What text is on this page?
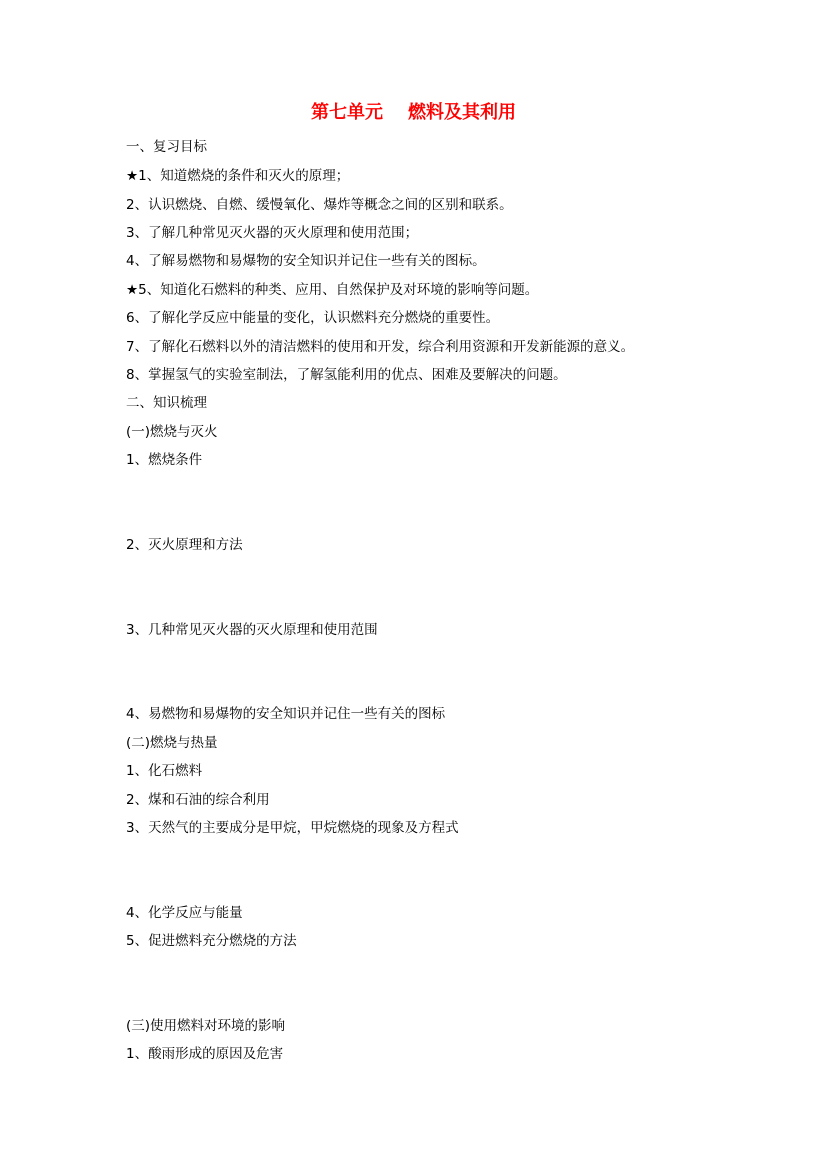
第七单元    燃料及其利用
一、复习目标
★1、知道燃烧的条件和灭火的原理；
2、认识燃烧、自燃、缓慢氧化、爆炸等概念之间的区别和联系。
3、了解几种常见灭火器的灭火原理和使用范围；
4、了解易燃物和易爆物的安全知识并记住一些有关的图标。
★5、知道化石燃料的种类、应用、自然保护及对环境的影响等问题。
6、了解化学反应中能量的变化，认识燃料充分燃烧的重要性。
7、了解化石燃料以外的清洁燃料的使用和开发，综合利用资源和开发新能源的意义。
8、掌握氢气的实验室制法，了解氢能利用的优点、困难及要解决的问题。
二、知识梳理
(一)燃烧与灭火
1、燃烧条件
2、灭火原理和方法
3、几种常见灭火器的灭火原理和使用范围
4、易燃物和易爆物的安全知识并记住一些有关的图标
(二)燃烧与热量
1、化石燃料
2、煤和石油的综合利用
3、天然气的主要成分是甲烷，甲烷燃烧的现象及方程式
4、化学反应与能量
5、促进燃料充分燃烧的方法
(三)使用燃料对环境的影响
1、酸雨形成的原因及危害
